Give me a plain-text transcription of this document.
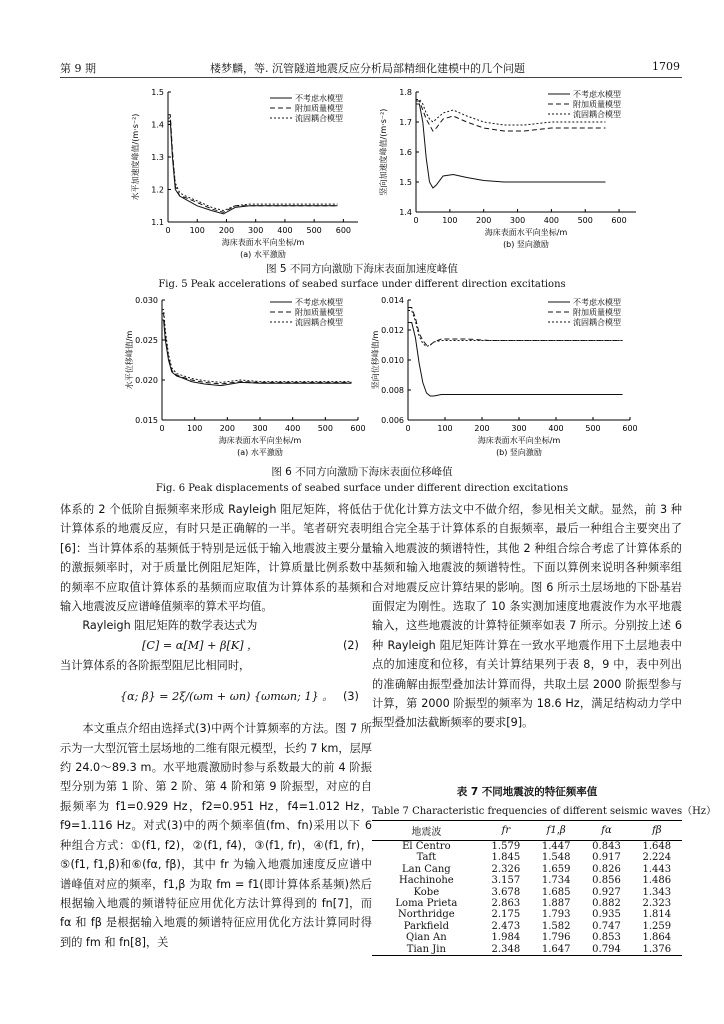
第 9 期	楼梦麟，等. 沉管隧道地震反应分析局部精细化建模中的几个问题	1709
0 100 200 300 400 500 600
1.1
1.2
1.3
1.4
1.5
不考虑水模型
附加质量模型
流固耦合模型
海床表面水平向坐标/m
(a) 水平激励
水平加速度峰值/(m·s⁻²)
0	100 200 300 400 500 600
1.4
1.5
1.6
1.7
1.8	不考虑水模型
附加质量模型
流固耦合模型
海床表面水平向坐标/m
(b) 竖向激励
竖向加速度峰值/(m·s⁻²)
图 5 不同方向激励下海床表面加速度峰值
Fig. 5 Peak accelerations of seabed surface under different direction excitations
0	100 200 300 400 500 600
0.015
0.020
0.025
0.030	不考虑水模型
附加质量模型
流固耦合模型
海床表面水平向坐标/m
(a) 水平激励
水平位移峰值/m
0	100	200	300	400	500	600
0.006
0.008
0.010
0.012
0.014	不考虑水模型
附加质量模型
流固耦合模型
海床表面水平向坐标/m
(b) 竖向激励
竖向位移峰值/m
图 6 不同方向激励下海床表面位移峰值
Fig. 6 Peak displacements of seabed surface under different direction excitations

体系的 2 个低阶自振频率来形成 Rayleigh 阻尼矩阵，将低估计算体系的地震反应，有时只是正确解的一半。笔者研究表明[6]：当计算体系的基频低于特别是远低于输入地震波主要分量的激振频率时，对于质量比例阻尼矩阵，计算质量比例系数中的频率不应取值计算体系的基频而应取值为计算体系的基频和输入地震波反应谱峰值频率的算术平均值。

Rayleigh 阻尼矩阵的数学表达式为

[C] = α[M] + β[K] ，	(2)

当计算体系的各阶振型阻尼比相同时，

{α; β} = 2ξ/(ωm + ωn) {ωmωn; 1} 。 (3)

本文重点介绍由选择式(3)中两个计算频率的方法。图 7 所示为一大型沉管土层场地的二维有限元模型，长约 7 km，层厚约 24.0～89.3 m。水平地震激励时参与系数最大的前 4 阶振型分别为第 1 阶、第 2 阶、第 4 阶和第 9 阶振型，对应的自振频率为 f1=0.929 Hz，f2=0.951 Hz，f4=1.012 Hz，f9=1.116 Hz。对式(3)中的两个频率值(fm、fn)采用以下 6 种组合方式：①(f1, f2)，②(f1, f4)，③(f1, fr)，④(f1, fr)，⑤(f1, f1,β)和⑥(fα, fβ)，其中 fr 为输入地震加速度反应谱中谱峰值对应的频率，f1,β 为取 fm = f1(即计算体系基频)然后根据输入地震的频谱特征应用优化方法计算得到的 fn[7]，而 fα 和 fβ 是根据输入地震的频谱特征应用优化方法计算同时得到的 fm 和 fn[8]，关

于优化计算方法文中不做介绍，参见相关文献。显然，前 3 种组合完全基于计算体系的自振频率，最后一种组合主要突出了输入地震波的频谱特性，其他 2 种组合综合考虑了计算体系的基频和输入地震波的频谱特性。下面以算例来说明各种频率组合对地震反应计算结果的影响。图 6 所示土层场地的下卧基岩面假定为刚性。选取了 10 条实测加速度地震波作为水平地震输入，这些地震波的计算特征频率如表 7 所示。分别按上述 6 种 Rayleigh 阻尼矩阵计算在一致水平地震作用下土层地表中点的加速度和位移，有关计算结果列于表 8，9 中，表中列出的准确解由振型叠加法计算而得，共取土层 2000 阶振型参与计算，第 2000 阶振型的频率为 18.6 Hz，满足结构动力学中振型叠加法截断频率的要求[9]。

表 7 不同地震波的特征频率值
Table 7 Characteristic frequencies of different seismic waves（Hz）
地震波	fr	f1,β	fα	fβ
El Centro	1.579	1.447	0.843	1.648
Taft	1.845	1.548	0.917	2.224
Lan Cang	2.326	1.659	0.826	1.443
Hachinohe	3.157	1.734	0.856	1.486
Kobe	3.678	1.685	0.927	1.343
Loma Prieta	2.863	1.887	0.882	2.323
Northridge	2.175	1.793	0.935	1.814
Parkfield	2.473	1.582	0.747	1.259
Qian An	1.984	1.796	0.853	1.864
Tian Jin	2.348	1.647	0.794	1.376
